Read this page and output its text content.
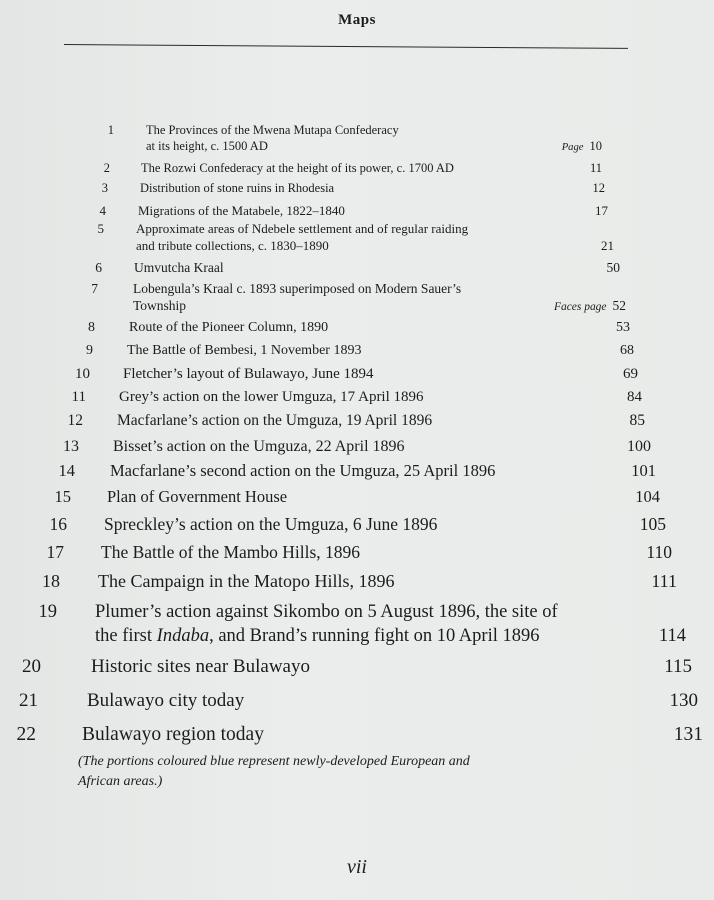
Maps
1	The Provinces of the Mwena Mutapa Confederacy
at its height, c. 1500 AD	Page 10
2 The Rozwi Confederacy at the height of its power, c. 1700 AD	11
3	Distribution of stone ruins in Rhodesia	12
4 Migrations of the Matabele, 1822–1840	17
5 Approximate areas of Ndebele settlement and of regular raiding
and tribute collections, c. 1830–1890	21
6 Umvutcha Kraal	50
7	Lobengula’s Kraal c. 1893 superimposed on Modern Sauer’s
Township	Faces page 52
8 Route of the Pioneer Column, 1890	53
9 The Battle of Bembesi, 1 November 1893	68
10 Fletcher’s layout of Bulawayo, June 1894	69
11 Grey’s action on the lower Umguza, 17 April 1896	84
12 Macfarlane’s action on the Umguza, 19 April 1896	85
13 Bisset’s action on the Umguza, 22 April 1896	100
14 Macfarlane’s second action on the Umguza, 25 April 1896	101
15 Plan of Government House	104
16 Spreckley’s action on the Umguza, 6 June 1896	105
17 The Battle of the Mambo Hills, 1896	110
18 The Campaign in the Matopo Hills, 1896	111
19 Plumer’s action against Sikombo on 5 August 1896, the site of
the first Indaba, and Brand’s running fight on 10 April 1896	114
20	Historic sites near Bulawayo	115
21	Bulawayo city today	130
22 Bulawayo region today	131
(The portions coloured blue represent newly-developed European and
African areas.)
vii
